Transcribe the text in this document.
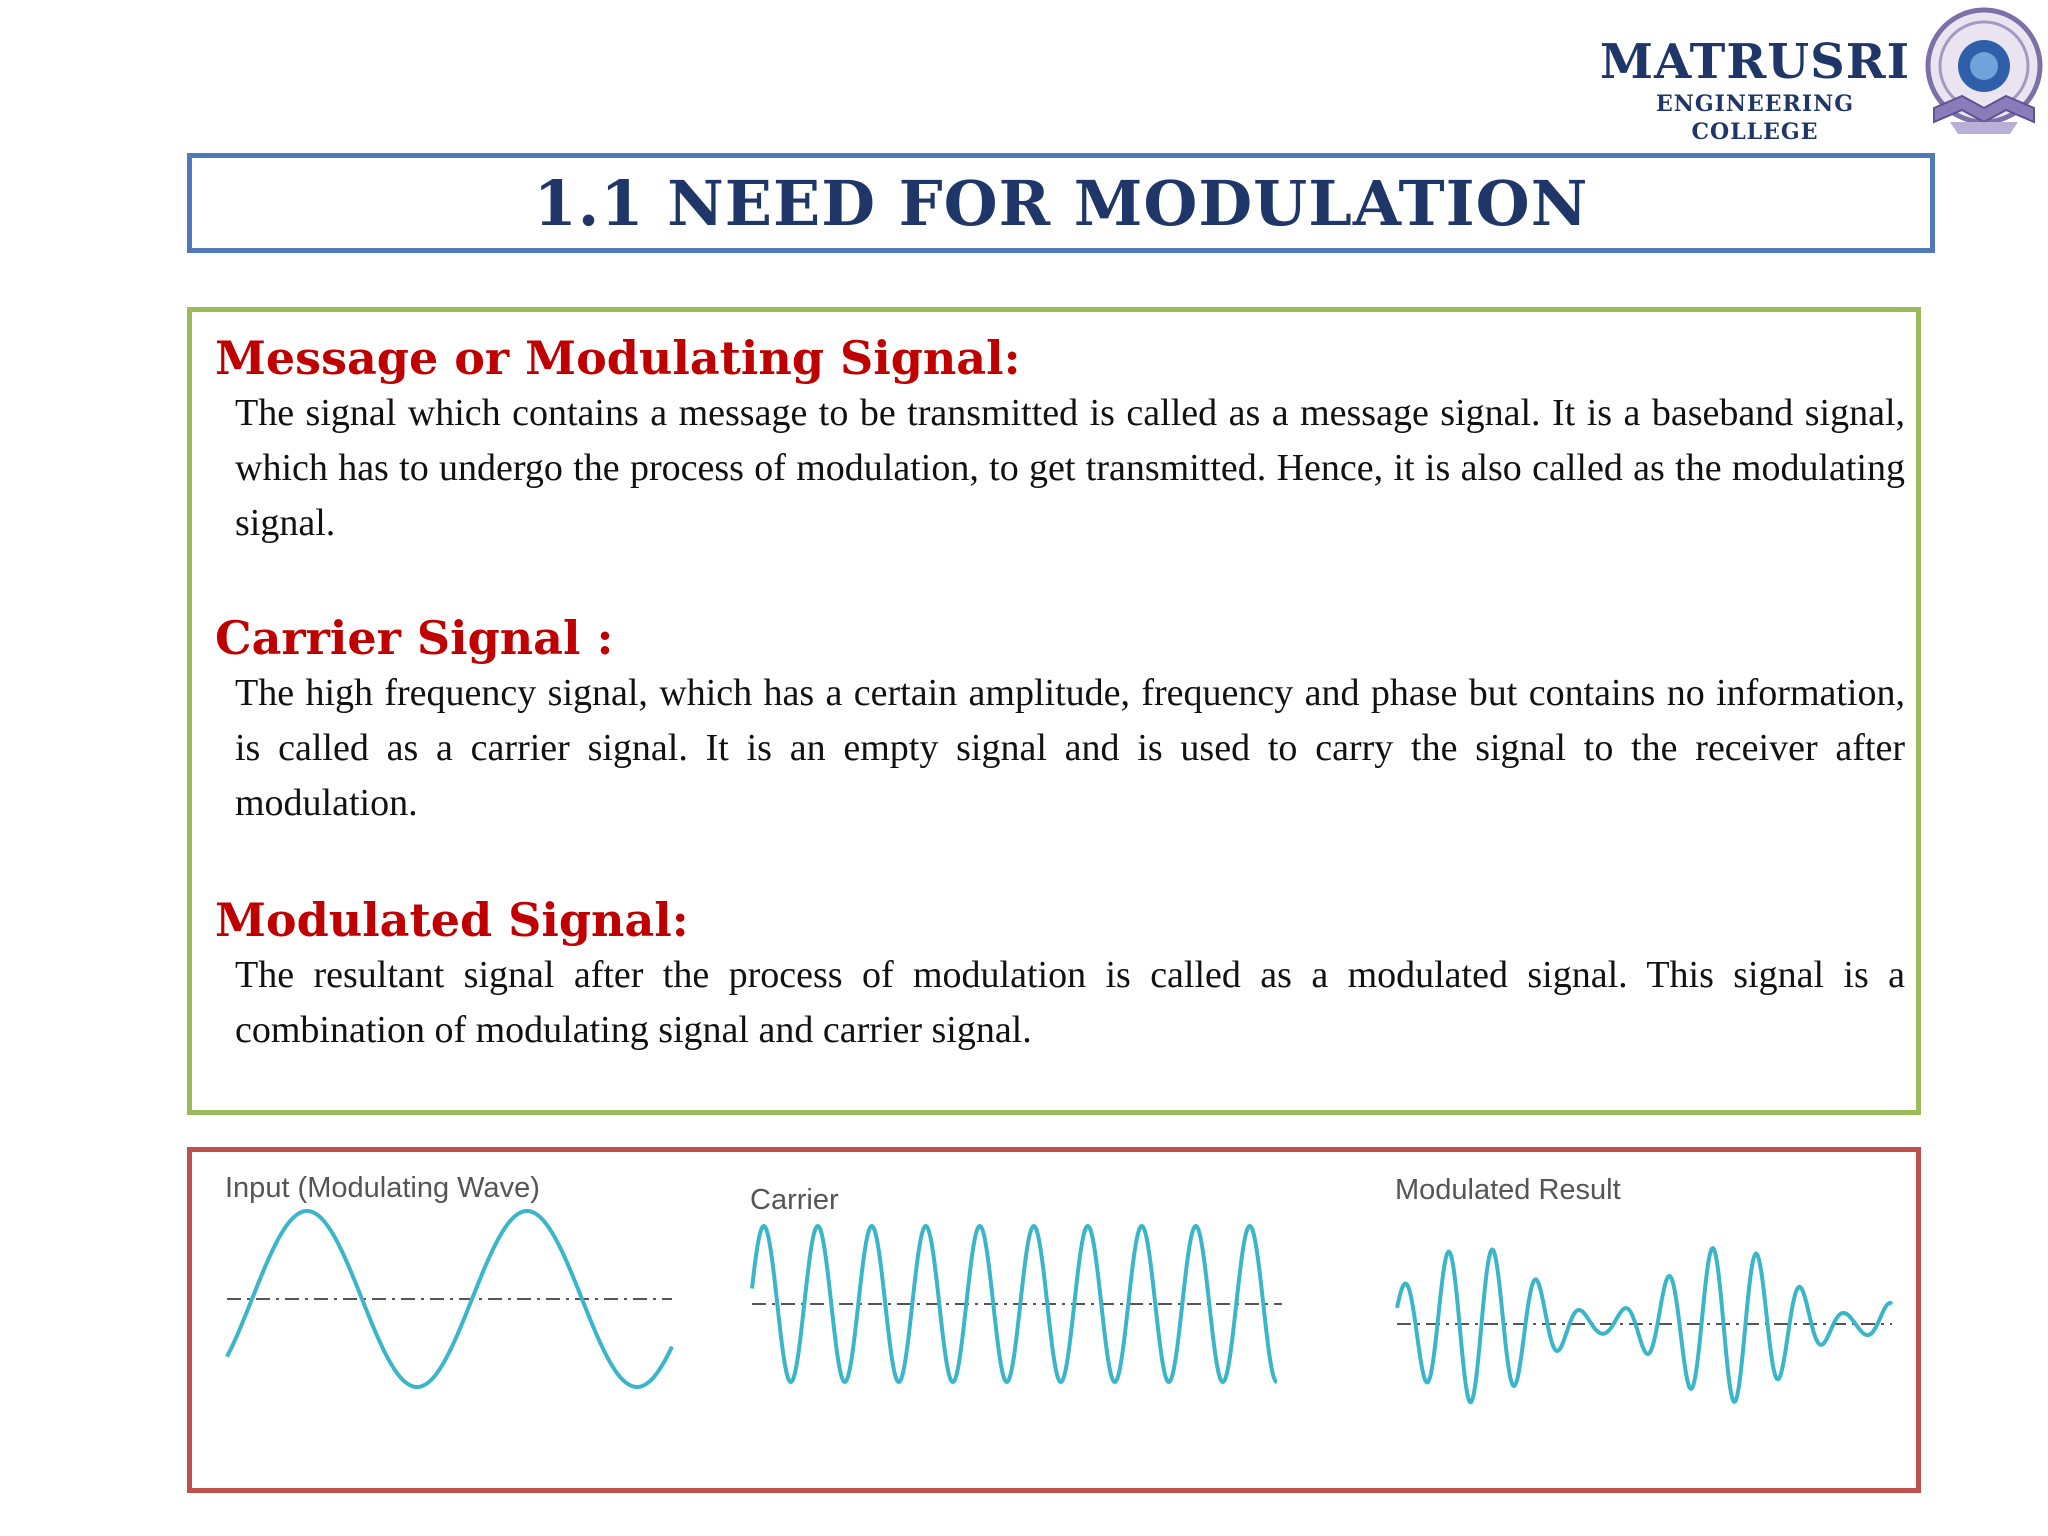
MATRUSRI
ENGINEERING COLLEGE
1.1 NEED FOR MODULATION
Message or Modulating Signal:
The signal which contains a message to be transmitted is called as a message signal. It is a baseband signal, which has to undergo the process of modulation, to get transmitted. Hence, it is also called as the modulating signal.
Carrier Signal :
The high frequency signal, which has a certain amplitude, frequency and phase but contains no information, is called as a carrier signal. It is an empty signal and is used to carry the signal to the receiver after modulation.
Modulated Signal:
The resultant signal after the process of modulation is called as a modulated signal. This signal is a combination of modulating signal and carrier signal.
Input (Modulating Wave)	Carrier	Modulated Result
